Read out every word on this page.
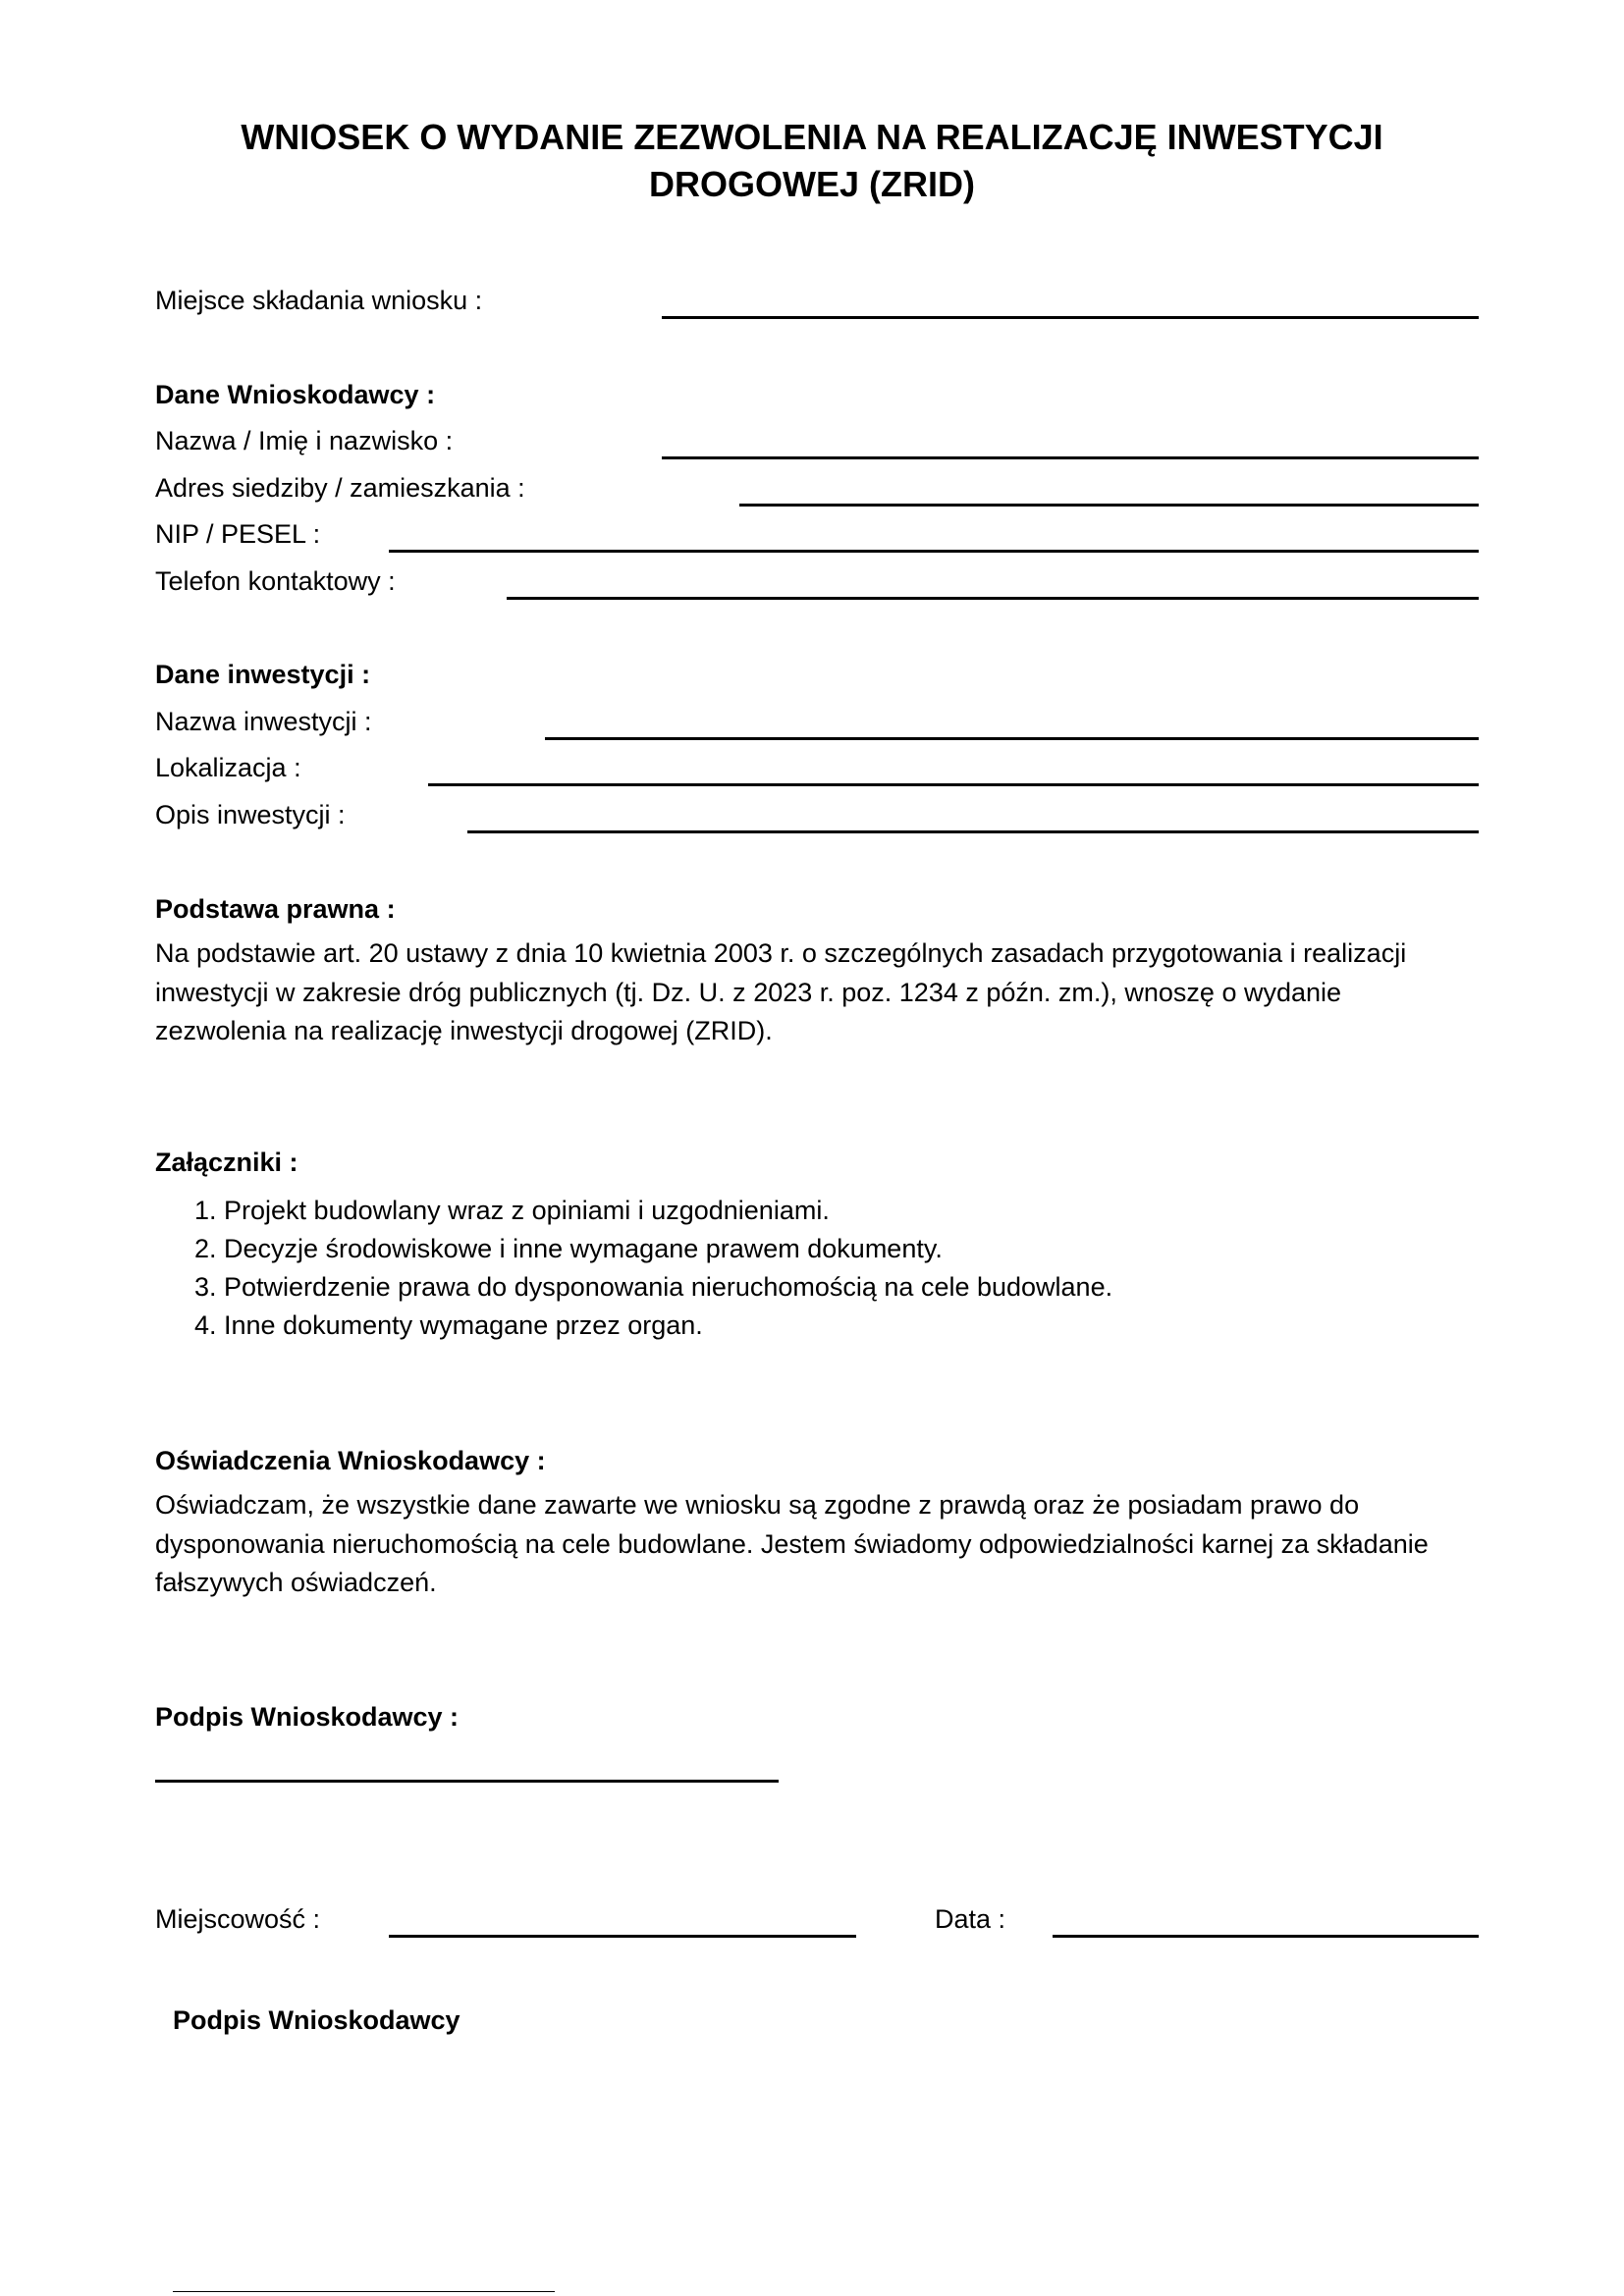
WNIOSEK O WYDANIE ZEZWOLENIA NA REALIZACJĘ INWESTYCJI DROGOWEJ (ZRID)
Miejsce składania wniosku :
Dane Wnioskodawcy :
Nazwa / Imię i nazwisko :
Adres siedziby / zamieszkania :
NIP / PESEL :
Telefon kontaktowy :
Dane inwestycji :
Nazwa inwestycji :
Lokalizacja :
Opis inwestycji :
Podstawa prawna :
Na podstawie art. 20 ustawy z dnia 10 kwietnia 2003 r. o szczególnych zasadach przygotowania i realizacji inwestycji w zakresie dróg publicznych (tj. Dz. U. z 2023 r. poz. 1234 z późn. zm.), wnoszę o wydanie zezwolenia na realizację inwestycji drogowej (ZRID).
Załączniki :
1. Projekt budowlany wraz z opiniami i uzgodnieniami.
2. Decyzje środowiskowe i inne wymagane prawem dokumenty.
3. Potwierdzenie prawa do dysponowania nieruchomością na cele budowlane.
4. Inne dokumenty wymagane przez organ.
Oświadczenia Wnioskodawcy :
Oświadczam, że wszystkie dane zawarte we wniosku są zgodne z prawdą oraz że posiadam prawo do dysponowania nieruchomością na cele budowlane. Jestem świadomy odpowiedzialności karnej za składanie fałszywych oświadczeń.
Podpis Wnioskodawcy :
Miejscowość :	Data :
Podpis Wnioskodawcy
